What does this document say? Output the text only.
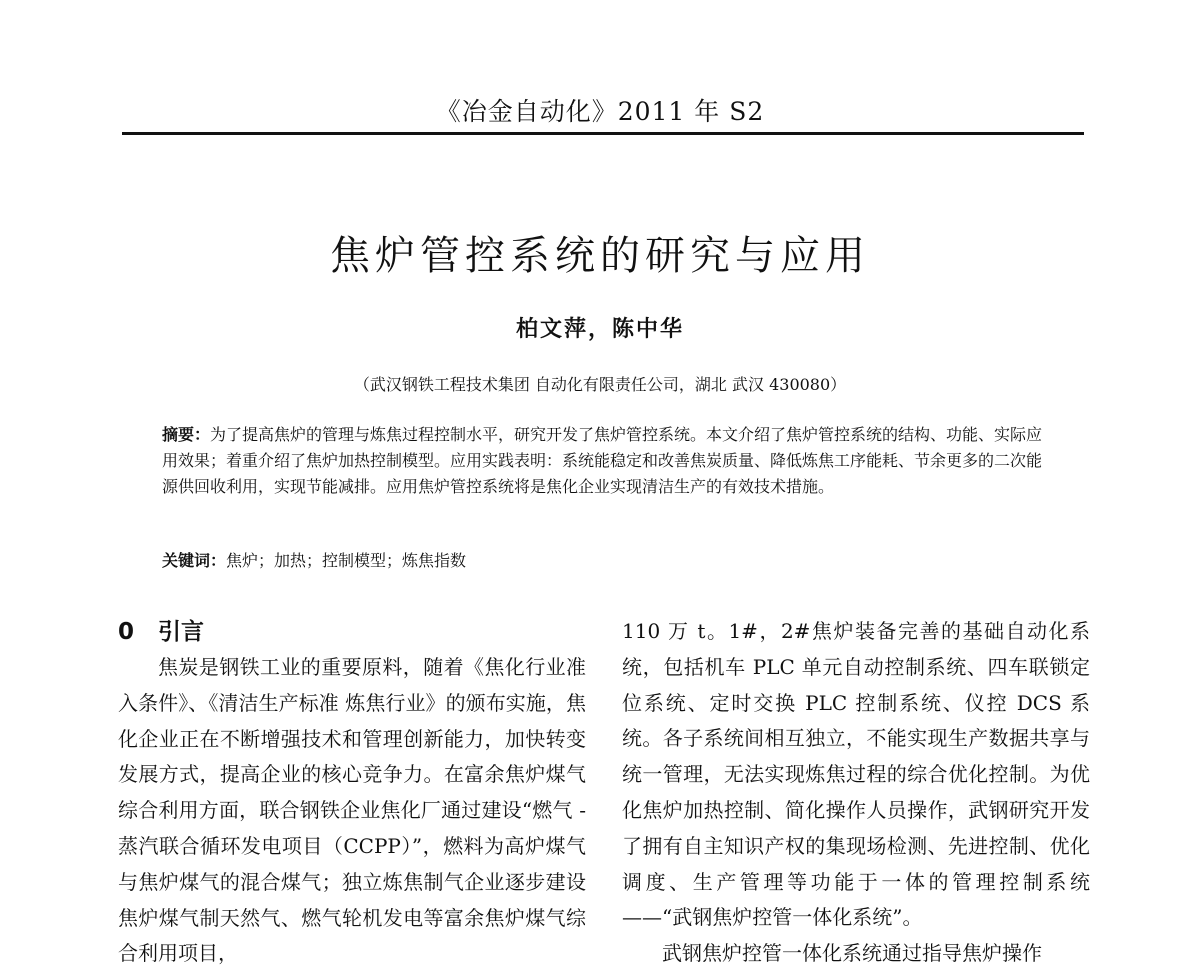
《冶金自动化》2011 年 S2
焦炉管控系统的研究与应用
柏文萍，陈中华
（武汉钢铁工程技术集团 自动化有限责任公司，湖北 武汉 430080）
摘要：为了提高焦炉的管理与炼焦过程控制水平，研究开发了焦炉管控系统。本文介绍了焦炉管控系统的结构、功能、实际应用效果；着重介绍了焦炉加热控制模型。应用实践表明：系统能稳定和改善焦炭质量、降低炼焦工序能耗、节余更多的二次能源供回收利用，实现节能减排。应用焦炉管控系统将是焦化企业实现清洁生产的有效技术措施。
关键词：焦炉；加热；控制模型；炼焦指数
0 引言

焦炭是钢铁工业的重要原料，随着《焦化行业准入条件》、《清洁生产标准 炼焦行业》的颁布实施，焦化企业正在不断增强技术和管理创新能力，加快转变发展方式，提高企业的核心竞争力。在富余焦炉煤气综合利用方面，联合钢铁企业焦化厂通过建设“燃气 - 蒸汽联合循环发电项目（CCPP）”，燃料为高炉煤气与焦炉煤气的混合煤气；独立炼焦制气企业逐步建设焦炉煤气制天然气、燃气轮机发电等富余焦炉煤气综合利用项目，

110 万 t。1#，2#焦炉装备完善的基础自动化系统，包括机车 PLC 单元自动控制系统、四车联锁定位系统、定时交换 PLC 控制系统、仪控 DCS 系统。各子系统间相互独立，不能实现生产数据共享与统一管理，无法实现炼焦过程的综合优化控制。为优化焦炉加热控制、简化操作人员操作，武钢研究开发了拥有自主知识产权的集现场检测、先进控制、优化调度、生产管理等功能于一体的管理控制系统——“武钢焦炉控管一体化系统”。

武钢焦炉控管一体化系统通过指导焦炉操作
